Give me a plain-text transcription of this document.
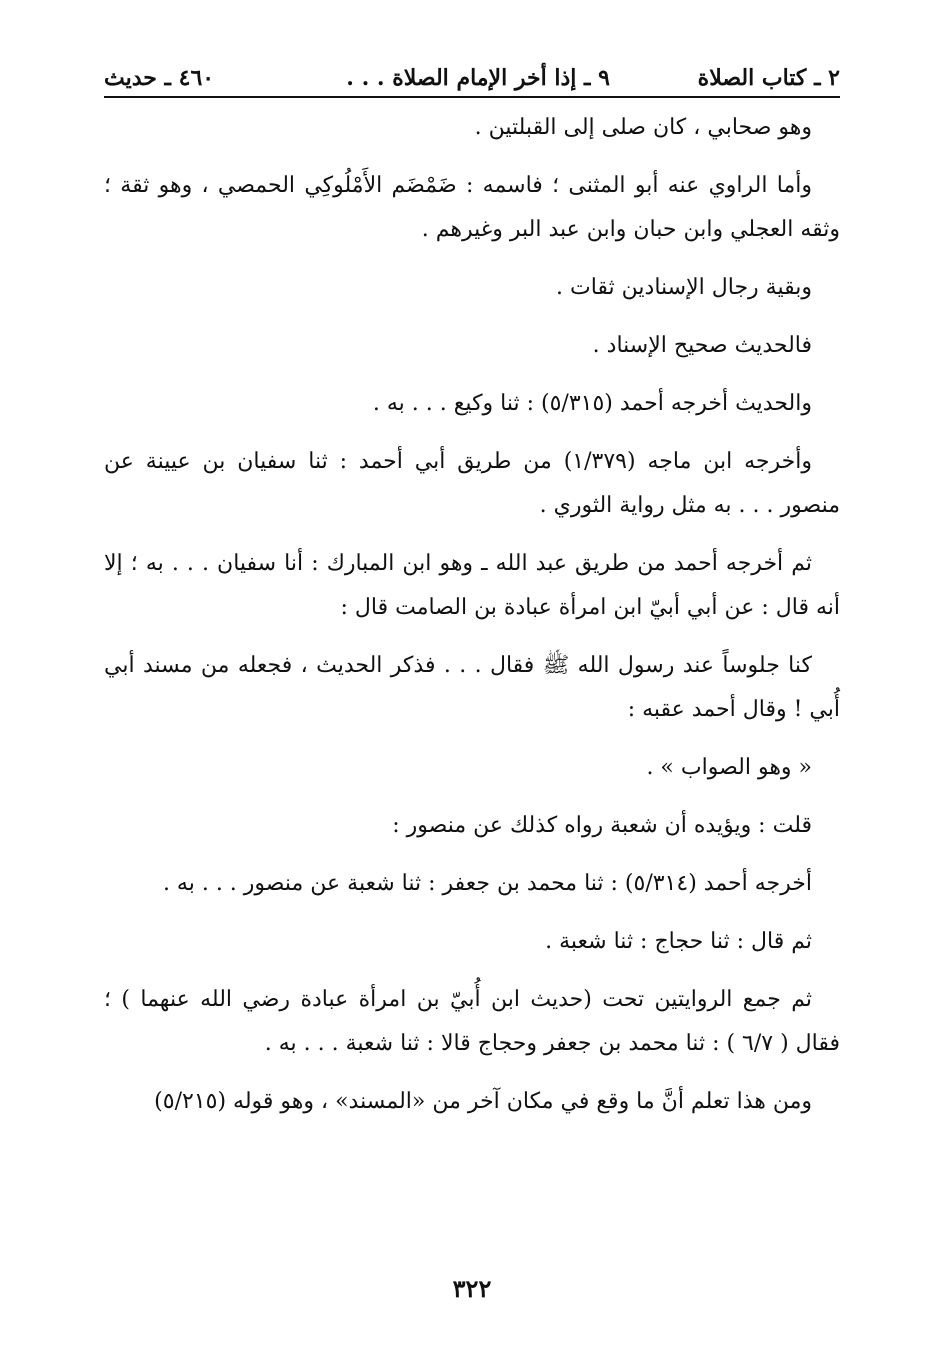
٢ ـ كتاب الصلاة
٩ ـ إذا أخر الإمام الصلاة . . .
٤٦٠ ـ حديث

وهو صحابي ، كان صلى إلى القبلتين .

وأما الراوي عنه أبو المثنى ؛ فاسمه : ضَمْضَم الأَمْلُوكِي الحمصي ، وهو ثقة ؛ وثقه العجلي وابن حبان وابن عبد البر وغيرهم .

وبقية رجال الإسنادين ثقات .

فالحديث صحيح الإسناد .

والحديث أخرجه أحمد (٥/٣١٥) : ثنا وكيع . . . به .

وأخرجه ابن ماجه (١/٣٧٩) من طريق أبي أحمد : ثنا سفيان بن عيينة عن منصور . . . به مثل رواية الثوري .

ثم أخرجه أحمد من طريق عبد الله ـ وهو ابن المبارك : أنا سفيان . . . به ؛ إلا أنه قال : عن أبي أبيّ ابن امرأة عبادة بن الصامت قال :

كنا جلوساً عند رسول الله ﷺ فقال . . . فذكر الحديث ، فجعله من مسند أبي أُبي ! وقال أحمد عقبه :

« وهو الصواب » .

قلت : ويؤيده أن شعبة رواه كذلك عن منصور :

أخرجه أحمد (٥/٣١٤) : ثنا محمد بن جعفر : ثنا شعبة عن منصور . . . به .

ثم قال : ثنا حجاج : ثنا شعبة .

ثم جمع الروايتين تحت (حديث ابن أُبيّ بن امرأة عبادة رضي الله عنهما ) ؛ فقال ( ٦/٧ ) : ثنا محمد بن جعفر وحجاج قالا : ثنا شعبة . . . به .

ومن هذا تعلم أنَّ ما وقع في مكان آخر من «المسند» ، وهو قوله (٥/٢١٥)

٣٢٢
